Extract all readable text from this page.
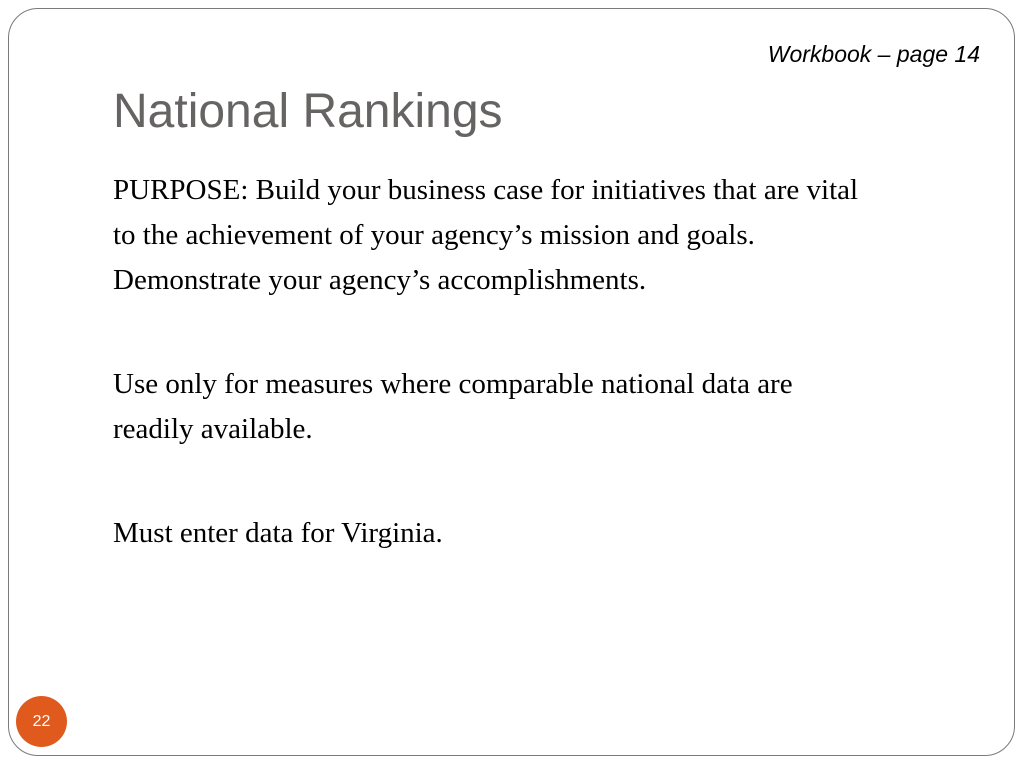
Workbook – page 14
National Rankings

PURPOSE: Build your business case for initiatives that are vital
to the achievement of your agency’s mission and goals.
Demonstrate your agency’s accomplishments.

Use only for measures where comparable national data are
readily available.

Must enter data for Virginia.

22
